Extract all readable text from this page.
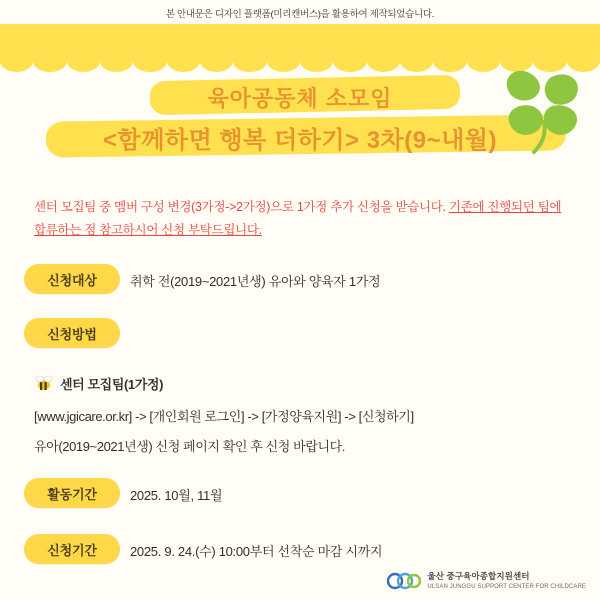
본 안내문은 디자인 플랫폼(미리캔버스)을 활용하여 제작되었습니다.
육아공동체 소모임
<함께하면 행복 더하기> 3차(9~내월)
센터 모집팀 중 멤버 구성 변경(3가정->2가정)으로 1가정 추가 신청을 받습니다. 기존에 진행되던 팀에 합류하는 점 참고하시어 신청 부탁드립니다.
신청대상	취학 전(2019~2021년생) 유아와 양육자 1가정
신청방법
센터 모집팀(1가정)
[www.jgicare.or.kr] -> [개인회원 로그인] -> [가정양육지원] -> [신청하기]
유아(2019~2021년생) 신청 페이지 확인 후 신청 바랍니다.
활동기간	2025. 10월, 11월
신청기간	2025. 9. 24.(수) 10:00부터 선착순 마감 시까지
울산 중구육아종합지원센터
ULSAN JUNGGU SUPPORT CENTER FOR CHILDCARE
